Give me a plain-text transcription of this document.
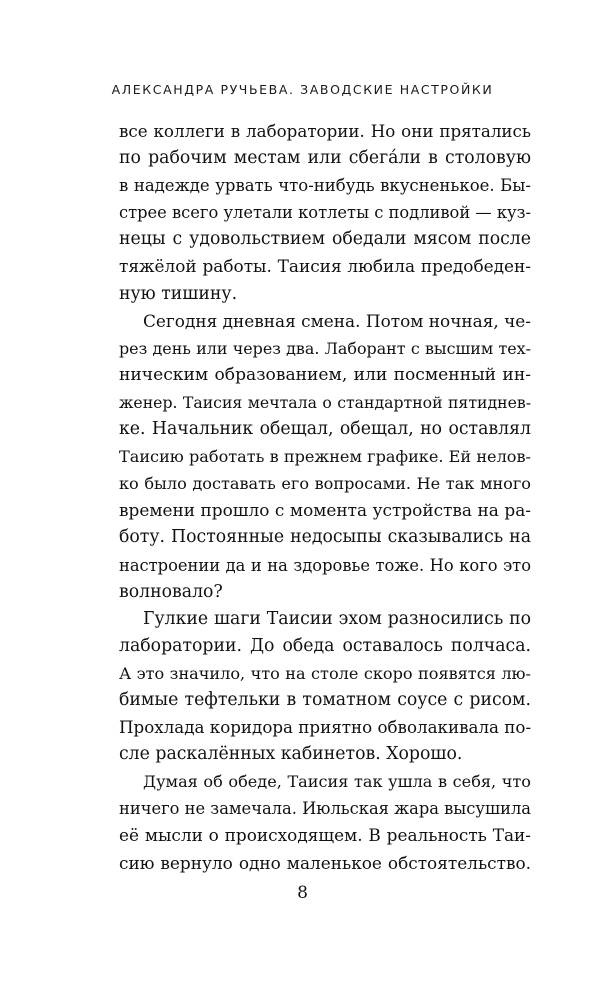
АЛЕКСАНДРА РУЧЬЕВА. ЗАВОДСКИЕ НАСТРОЙКИ
все коллеги в лаборатории. Но они прятались
по рабочим местам или сбегáли в столовую
в надежде урвать что-нибудь вкусненькое. Бы-
стрее всего улетали котлеты с подливой — куз-
нецы с удовольствием обедали мясом после
тяжёлой работы. Таисия любила предобеден-
ную тишину.
Сегодня дневная смена. Потом ночная, че-
рез день или через два. Лаборант с высшим тех-
ническим образованием, или посменный ин-
женер. Таисия мечтала о стандартной пятиднев-
ке. Начальник обещал, обещал, но оставлял
Таисию работать в прежнем графике. Ей нелов-
ко было доставать его вопросами. Не так много
времени прошло с момента устройства на ра-
боту. Постоянные недосыпы сказывались на
настроении да и на здоровье тоже. Но кого это
волновало?
Гулкие шаги Таисии эхом разносились по
лаборатории. До обеда оставалось полчаса.
А это значило, что на столе скоро появятся лю-
бимые тефтельки в томатном соусе с рисом.
Прохлада коридора приятно обволакивала по-
сле раскалённых кабинетов. Хорошо.
Думая об обеде, Таисия так ушла в себя, что
ничего не замечала. Июльская жара высушила
её мысли о происходящем. В реальность Таи-
сию вернуло одно маленькое обстоятельство.
8
